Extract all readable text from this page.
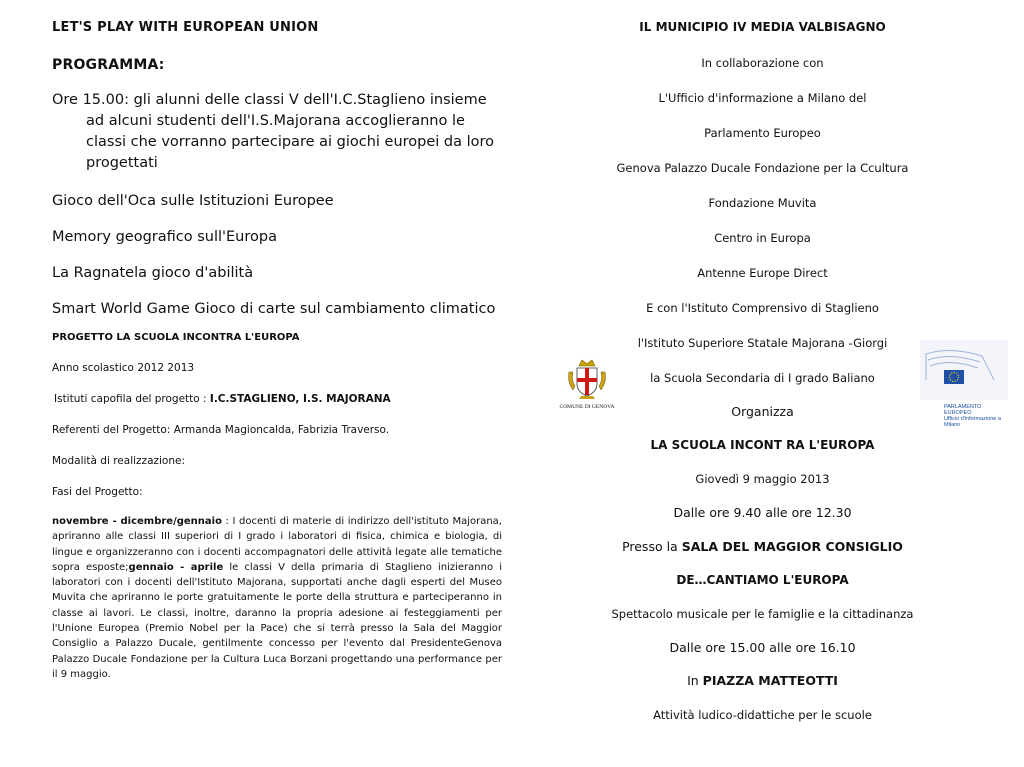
LET'S PLAY WITH EUROPEAN UNION
PROGRAMMA:
Ore 15.00: gli alunni delle classi V dell'I.C.Staglieno insieme ad alcuni studenti dell'I.S.Majorana accoglieranno le classi che vorranno partecipare ai giochi europei da loro progettati
Gioco dell'Oca sulle Istituzioni Europee
Memory geografico sull'Europa
La Ragnatela gioco d'abilità
Smart World Game Gioco di carte sul cambiamento climatico
PROGETTO LA SCUOLA INCONTRA L'EUROPA
Anno scolastico 2012 2013
Istituti capofila del progetto : I.C.STAGLIENO, I.S. MAJORANA
Referenti del Progetto: Armanda Magioncalda, Fabrizia Traverso.
Modalità di realizzazione:
Fasi del Progetto:
novembre - dicembre/gennaio : I docenti di materie di indirizzo dell'istituto Majorana, apriranno alle classi III superiori di I grado i laboratori di fisica, chimica e biologia, di lingue e organizzeranno con i docenti accompagnatori delle attività legate alle tematiche sopra esposte;gennaio - aprile le classi V della primaria di Staglieno inizieranno i laboratori con i docenti dell'Istituto Majorana, supportati anche dagli esperti del Museo Muvita che apriranno le porte gratuitamente le porte della struttura e parteciperanno in classe ai lavori. Le classi, inoltre, daranno la propria adesione ai festeggiamenti per l'Unione Europea (Premio Nobel per la Pace) che si terrà presso la Sala del Maggior Consiglio a Palazzo Ducale, gentilmente concesso per l'evento dal PresidenteGenova Palazzo Ducale Fondazione per la Cultura Luca Borzani progettando una performance per il 9 maggio.
COMUNE DI GENOVA	PARLAMENTO EUROPEO
Ufficio d'informazione a Milano
IL MUNICIPIO IV MEDIA VALBISAGNO
In collaborazione con
L'Ufficio d'informazione a Milano del
Parlamento Europeo
Genova Palazzo Ducale Fondazione per la Ccultura
Fondazione Muvita
Centro in Europa
Antenne Europe Direct
E con l'Istituto Comprensivo di Staglieno
l'Istituto Superiore Statale Majorana -Giorgi
la Scuola Secondaria di I grado Baliano
Organizza
LA SCUOLA INCONT RA L'EUROPA
Giovedì 9 maggio 2013
Dalle ore 9.40 alle ore 12.30
Presso la SALA DEL MAGGIOR CONSIGLIO
DE…CANTIAMO L'EUROPA
Spettacolo musicale per le famiglie e la cittadinanza
Dalle ore 15.00 alle ore 16.10
In PIAZZA MATTEOTTI
Attività ludico-didattiche per le scuole
